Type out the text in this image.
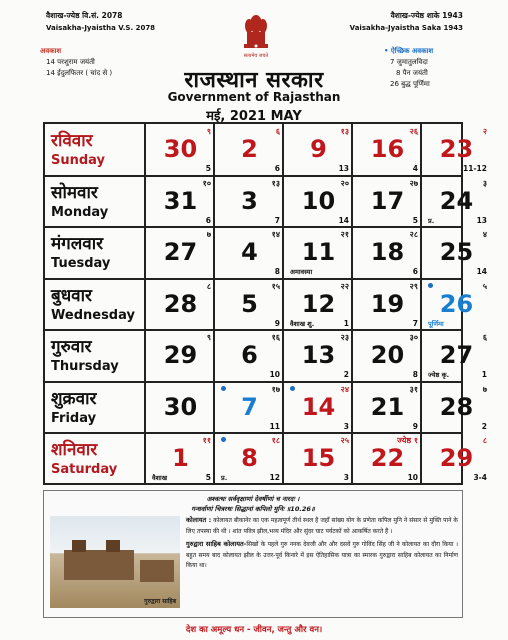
वैशाख-ज्येष्ठ वि.सं. 2078
Vaisakha-Jyaistha V.S. 2078
वैशाख-ज्येष्ठ शाके 1943
Vaisakha-Jyaistha Saka 1943
सत्यमेव जयते
अवकाश
14 परशुराम जयंती
14 ईदुलफितर ( चांद से )
• ऐच्छिक अवकाश
7 जुमातुलविदा
8 पैन जयंती
26 बुद्ध पूर्णिमा
राजस्थान सरकार
Government of Rajasthan
मई, 2021 MAY
रविवार
Sunday
सोमवार
Monday
मंगलवार
Tuesday
बुधवार
Wednesday
गुरुवार
Thursday
शुक्रवार
Friday
शनिवार
Saturday
९
30
5
६
2
6
१३
9
13
२६
16
4
२
23
11-12
१०
31
6
१३
3
7
२०
10
14
२७
17
5
३
24
13
प्र.
७
27
१४
4
8
२१
11
अमावस्या
२८
18
6
४
25
14
८
28
१५
5
9
२२
12
1
वैशाख शु.
२९
19
7
५
26
पूर्णिमा
९
29
१६
6
10
२३
13
2
३०
20
8
६
27
1
ज्येष्ठ कृ.
30
१७
7
11
२४
14
3
३१
21
9
७
28
2
११
1
5
वैशाख
१८
8
12
प्र.
२५
15
3
ज्येष्ठ १
22
10
८
29
3-4
अश्वत्थः सर्ववृक्षाणां देवर्षीणां च नारदः ।
गन्धर्वाणां चित्ररथः सिद्धानां कपिलो मुनिः ॥10.26॥
गुरुद्वारा साहिब
कोलायत : कोलायत बीकानेर का एक महत्वपूर्ण तीर्थ स्थल है जहाँ सांख्य योग के प्रणेता कपिल मुनि ने संसार से मुक्ति पाने के लिए तपस्या की थी । शांत पवित्र झील,भव्य मंदिर और सुंदर घाट पर्यटकों को आकर्षित करते हैं ।
गुरुद्वारा साहिब कोलायत-सिखों के पहले गुरु ननक देवजी और और दसवें गुरु गोविंद सिंह जी ने कोलायत का दौरा किया । बहुत समय बाद कोलायत झील के उत्तर-पूर्व किनारे में इस ऐतिहासिक यात्रा का स्मारक गुरुद्वारा साहिब कोलायत का निर्माण किया था।
देश का अमूल्य धन - जीवन, जन्तु और वन।
